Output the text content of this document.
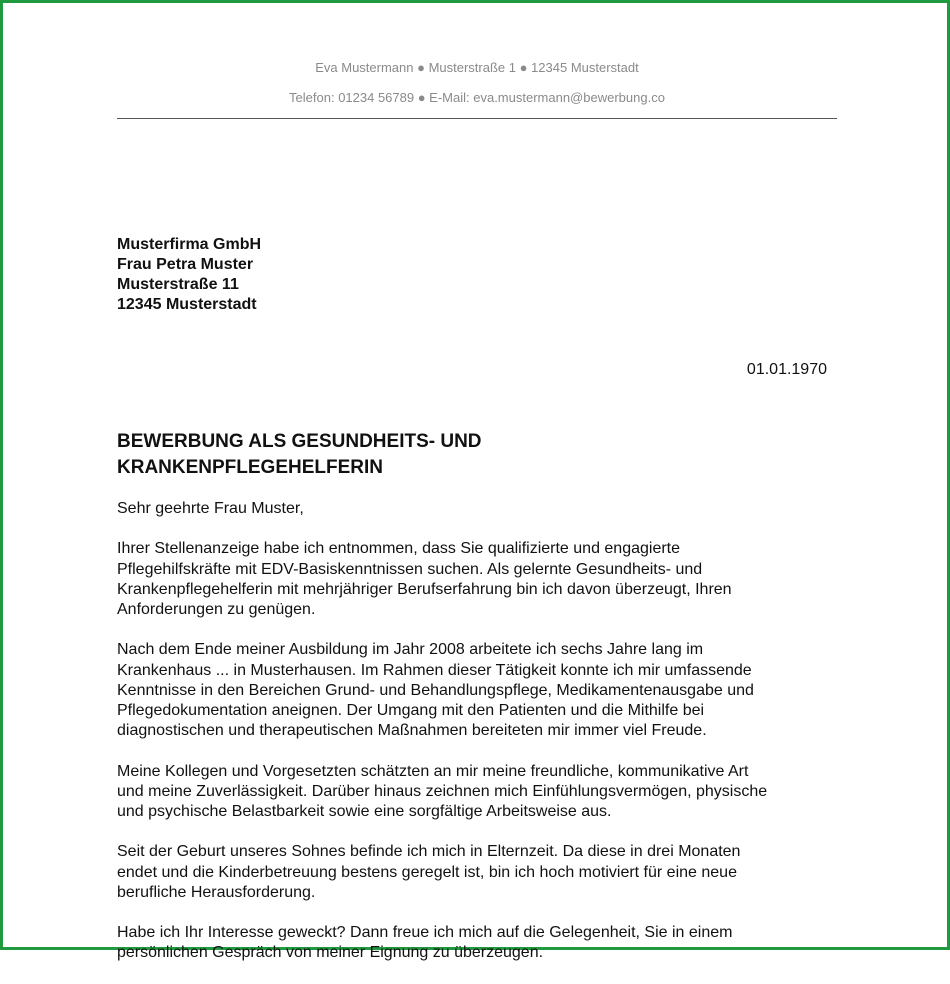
Eva Mustermann ● Musterstraße 1 ● 12345 Musterstadt
Telefon: 01234 56789 ● E-Mail: eva.mustermann@bewerbung.co
Musterfirma GmbH
Frau Petra Muster
Musterstraße 11
12345 Musterstadt
01.01.1970
BEWERBUNG ALS GESUNDHEITS- UND
KRANKENPFLEGEHELFERIN

Sehr geehrte Frau Muster,

Ihrer Stellenanzeige habe ich entnommen, dass Sie qualifizierte und engagierte
Pflegehilfskräfte mit EDV-Basiskenntnissen suchen. Als gelernte Gesundheits- und
Krankenpflegehelferin mit mehrjähriger Berufserfahrung bin ich davon überzeugt, Ihren
Anforderungen zu genügen.

Nach dem Ende meiner Ausbildung im Jahr 2008 arbeitete ich sechs Jahre lang im
Krankenhaus ... in Musterhausen. Im Rahmen dieser Tätigkeit konnte ich mir umfassende
Kenntnisse in den Bereichen Grund- und Behandlungspflege, Medikamentenausgabe und
Pflegedokumentation aneignen. Der Umgang mit den Patienten und die Mithilfe bei
diagnostischen und therapeutischen Maßnahmen bereiteten mir immer viel Freude.

Meine Kollegen und Vorgesetzten schätzten an mir meine freundliche, kommunikative Art
und meine Zuverlässigkeit. Darüber hinaus zeichnen mich Einfühlungsvermögen, physische
und psychische Belastbarkeit sowie eine sorgfältige Arbeitsweise aus.

Seit der Geburt unseres Sohnes befinde ich mich in Elternzeit. Da diese in drei Monaten
endet und die Kinderbetreuung bestens geregelt ist, bin ich hoch motiviert für eine neue
berufliche Herausforderung.

Habe ich Ihr Interesse geweckt? Dann freue ich mich auf die Gelegenheit, Sie in einem
persönlichen Gespräch von meiner Eignung zu überzeugen.
